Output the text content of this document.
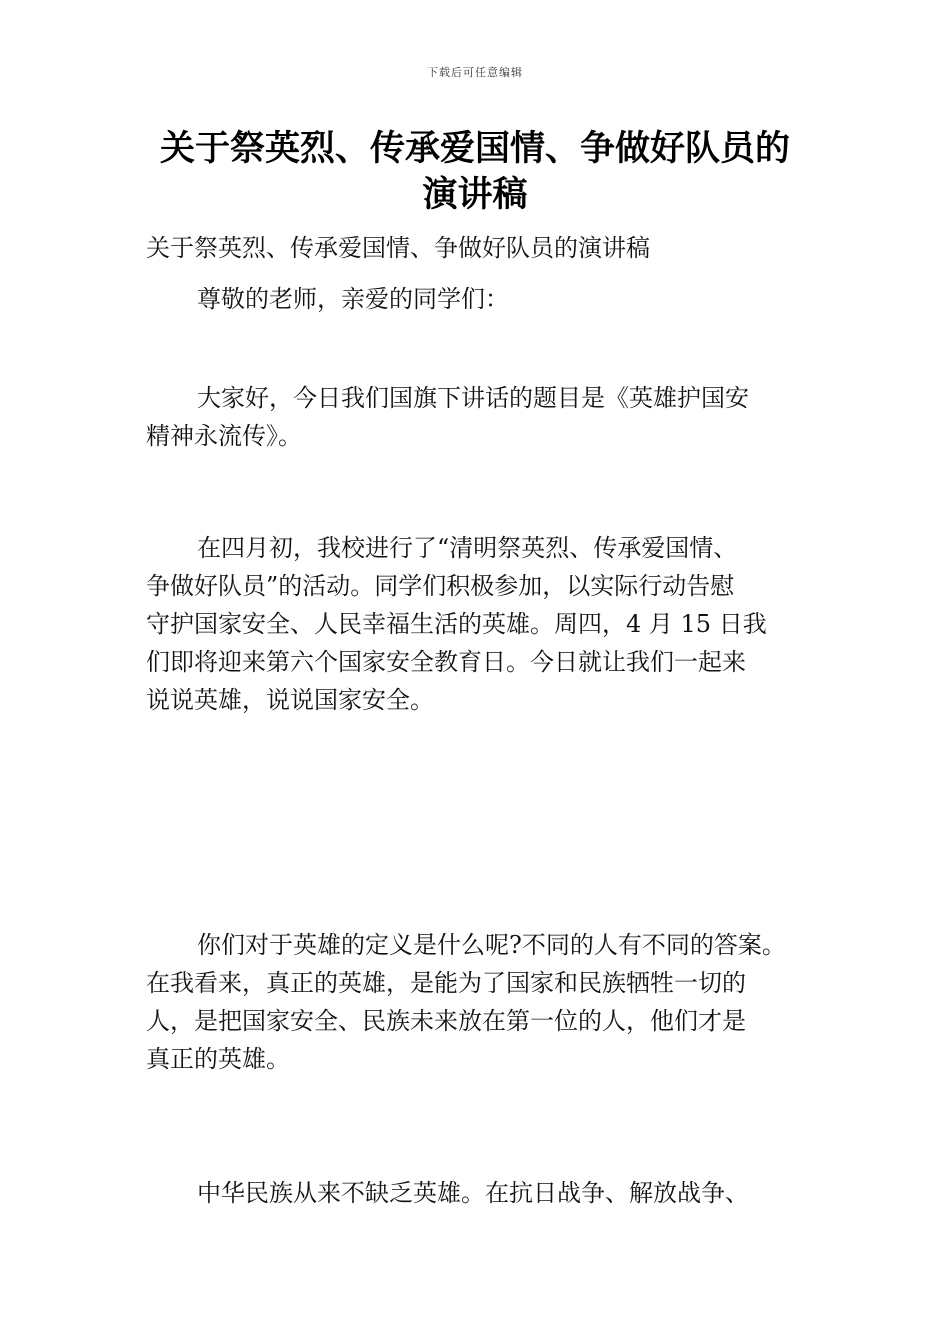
下载后可任意编辑
关于祭英烈、传承爱国情、争做好队员的
演讲稿

关于祭英烈、传承爱国情、争做好队员的演讲稿

尊敬的老师，亲爱的同学们：

大家好，今日我们国旗下讲话的题目是《英雄护国安
精神永流传》。

在四月初，我校进行了“清明祭英烈、传承爱国情、
争做好队员”的活动。同学们积极参加，以实际行动告慰
守护国家安全、人民幸福生活的英雄。周四，4 月 15 日我
们即将迎来第六个国家安全教育日。今日就让我们一起来
说说英雄，说说国家安全。

你们对于英雄的定义是什么呢?不同的人有不同的答案。
在我看来，真正的英雄，是能为了国家和民族牺牲一切的
人，是把国家安全、民族未来放在第一位的人，他们才是
真正的英雄。

中华民族从来不缺乏英雄。在抗日战争、解放战争、
